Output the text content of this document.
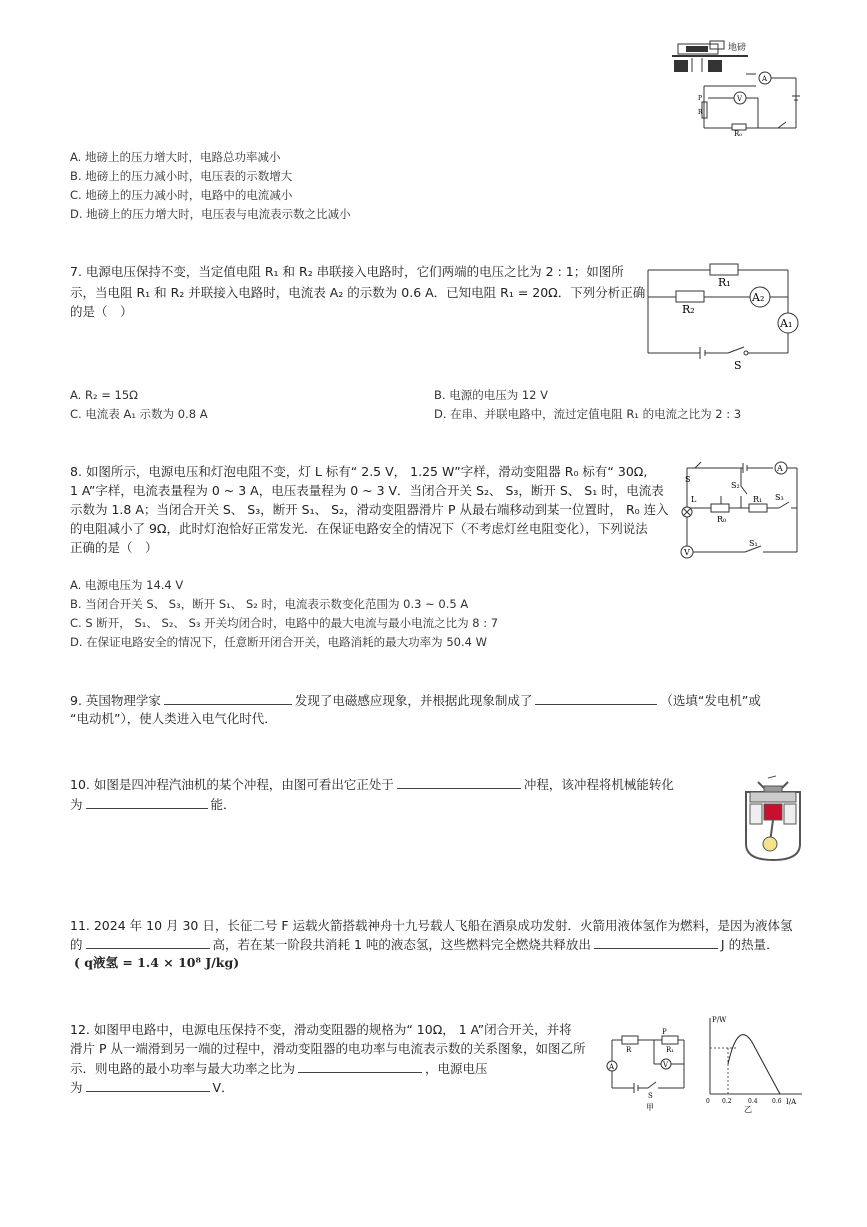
A
V
R₀
P
R
地磅
A. 地磅上的压力增大时，电路总功率减小
B. 地磅上的压力减小时，电压表的示数增大
C. 地磅上的压力减小时，电路中的电流减小
D. 地磅上的压力增大时，电压表与电流表示数之比减小
7. 电源电压保持不变，当定值电阻 R₁ 和 R₂ 串联接入电路时，它们两端的电压之比为 2 : 1；如图所
示，当电阻 R₁ 和 R₂ 并联接入电路时，电流表 A₂ 的示数为 0.6 A．已知电阻 R₁ = 20Ω．下列分析正确
的是（　）
R₁
R₂
A₂
A₁
S
A. R₂ = 15Ω	B. 电源的电压为 12 V
C. 电流表 A₁ 示数为 0.8 A	D. 在串、并联电路中，流过定值电阻 R₁ 的电流之比为 2 : 3
8. 如图所示，电源电压和灯泡电阻不变，灯 L 标有“ 2.5 V， 1.25 W”字样，滑动变阻器 R₀ 标有“ 30Ω,
1 A”字样，电流表量程为 0 ~ 3 A，电压表量程为 0 ~ 3 V．当闭合开关 S₂、 S₃，断开 S、 S₁ 时，电流表
示数为 1.8 A；当闭合开关 S、 S₃，断开 S₁、 S₂，滑动变阻器滑片 P 从最右端移动到某一位置时， R₀ 连入
的电阻减小了 9Ω，此时灯泡恰好正常发光．在保证电路安全的情况下（不考虑灯丝电阻变化），下列说法
正确的是（　）
A
S
L
R₀
R₁ S₃
S₂
V
S₁
A. 电源电压为 14.4 V
B. 当闭合开关 S、 S₃，断开 S₁、 S₂ 时，电流表示数变化范围为 0.3 ~ 0.5 A
C. S 断开， S₁、 S₂、 S₃ 开关均闭合时，电路中的最大电流与最小电流之比为 8 : 7
D. 在保证电路安全的情况下，任意断开闭合开关，电路消耗的最大功率为 50.4 W
9. 英国物理学家	发现了电磁感应现象，并根据此现象制成了	（选填“发电机”或
“电动机”），使人类进入电气化时代．
10. 如图是四冲程汽油机的某个冲程，由图可看出它正处于	冲程，该冲程将机械能转化
为	能．
11. 2024 年 10 月 30 日，长征二号 F 运载火箭搭载神舟十九号载人飞船在酒泉成功发射．火箭用液体氢作为燃料，是因为液体氢
的	高，若在某一阶段共消耗 1 吨的液态氢，这些燃料完全燃烧共释放出	J 的热量．
( q液氢 = 1.4 × 10⁸ J/kg)
12. 如图甲电路中，电源电压保持不变，滑动变阻器的规格为“ 10Ω， 1 A”闭合开关，并将
滑片 P 从一端滑到另一端的过程中，滑动变阻器的电功率与电流表示数的关系图象，如图乙所
示．则电路的最小功率与最大功率之比为	，电源电压
为	V．
R
P
R₁
V
A
S
甲
P/W
I/A
0 0.2	0.4 0.6
乙
